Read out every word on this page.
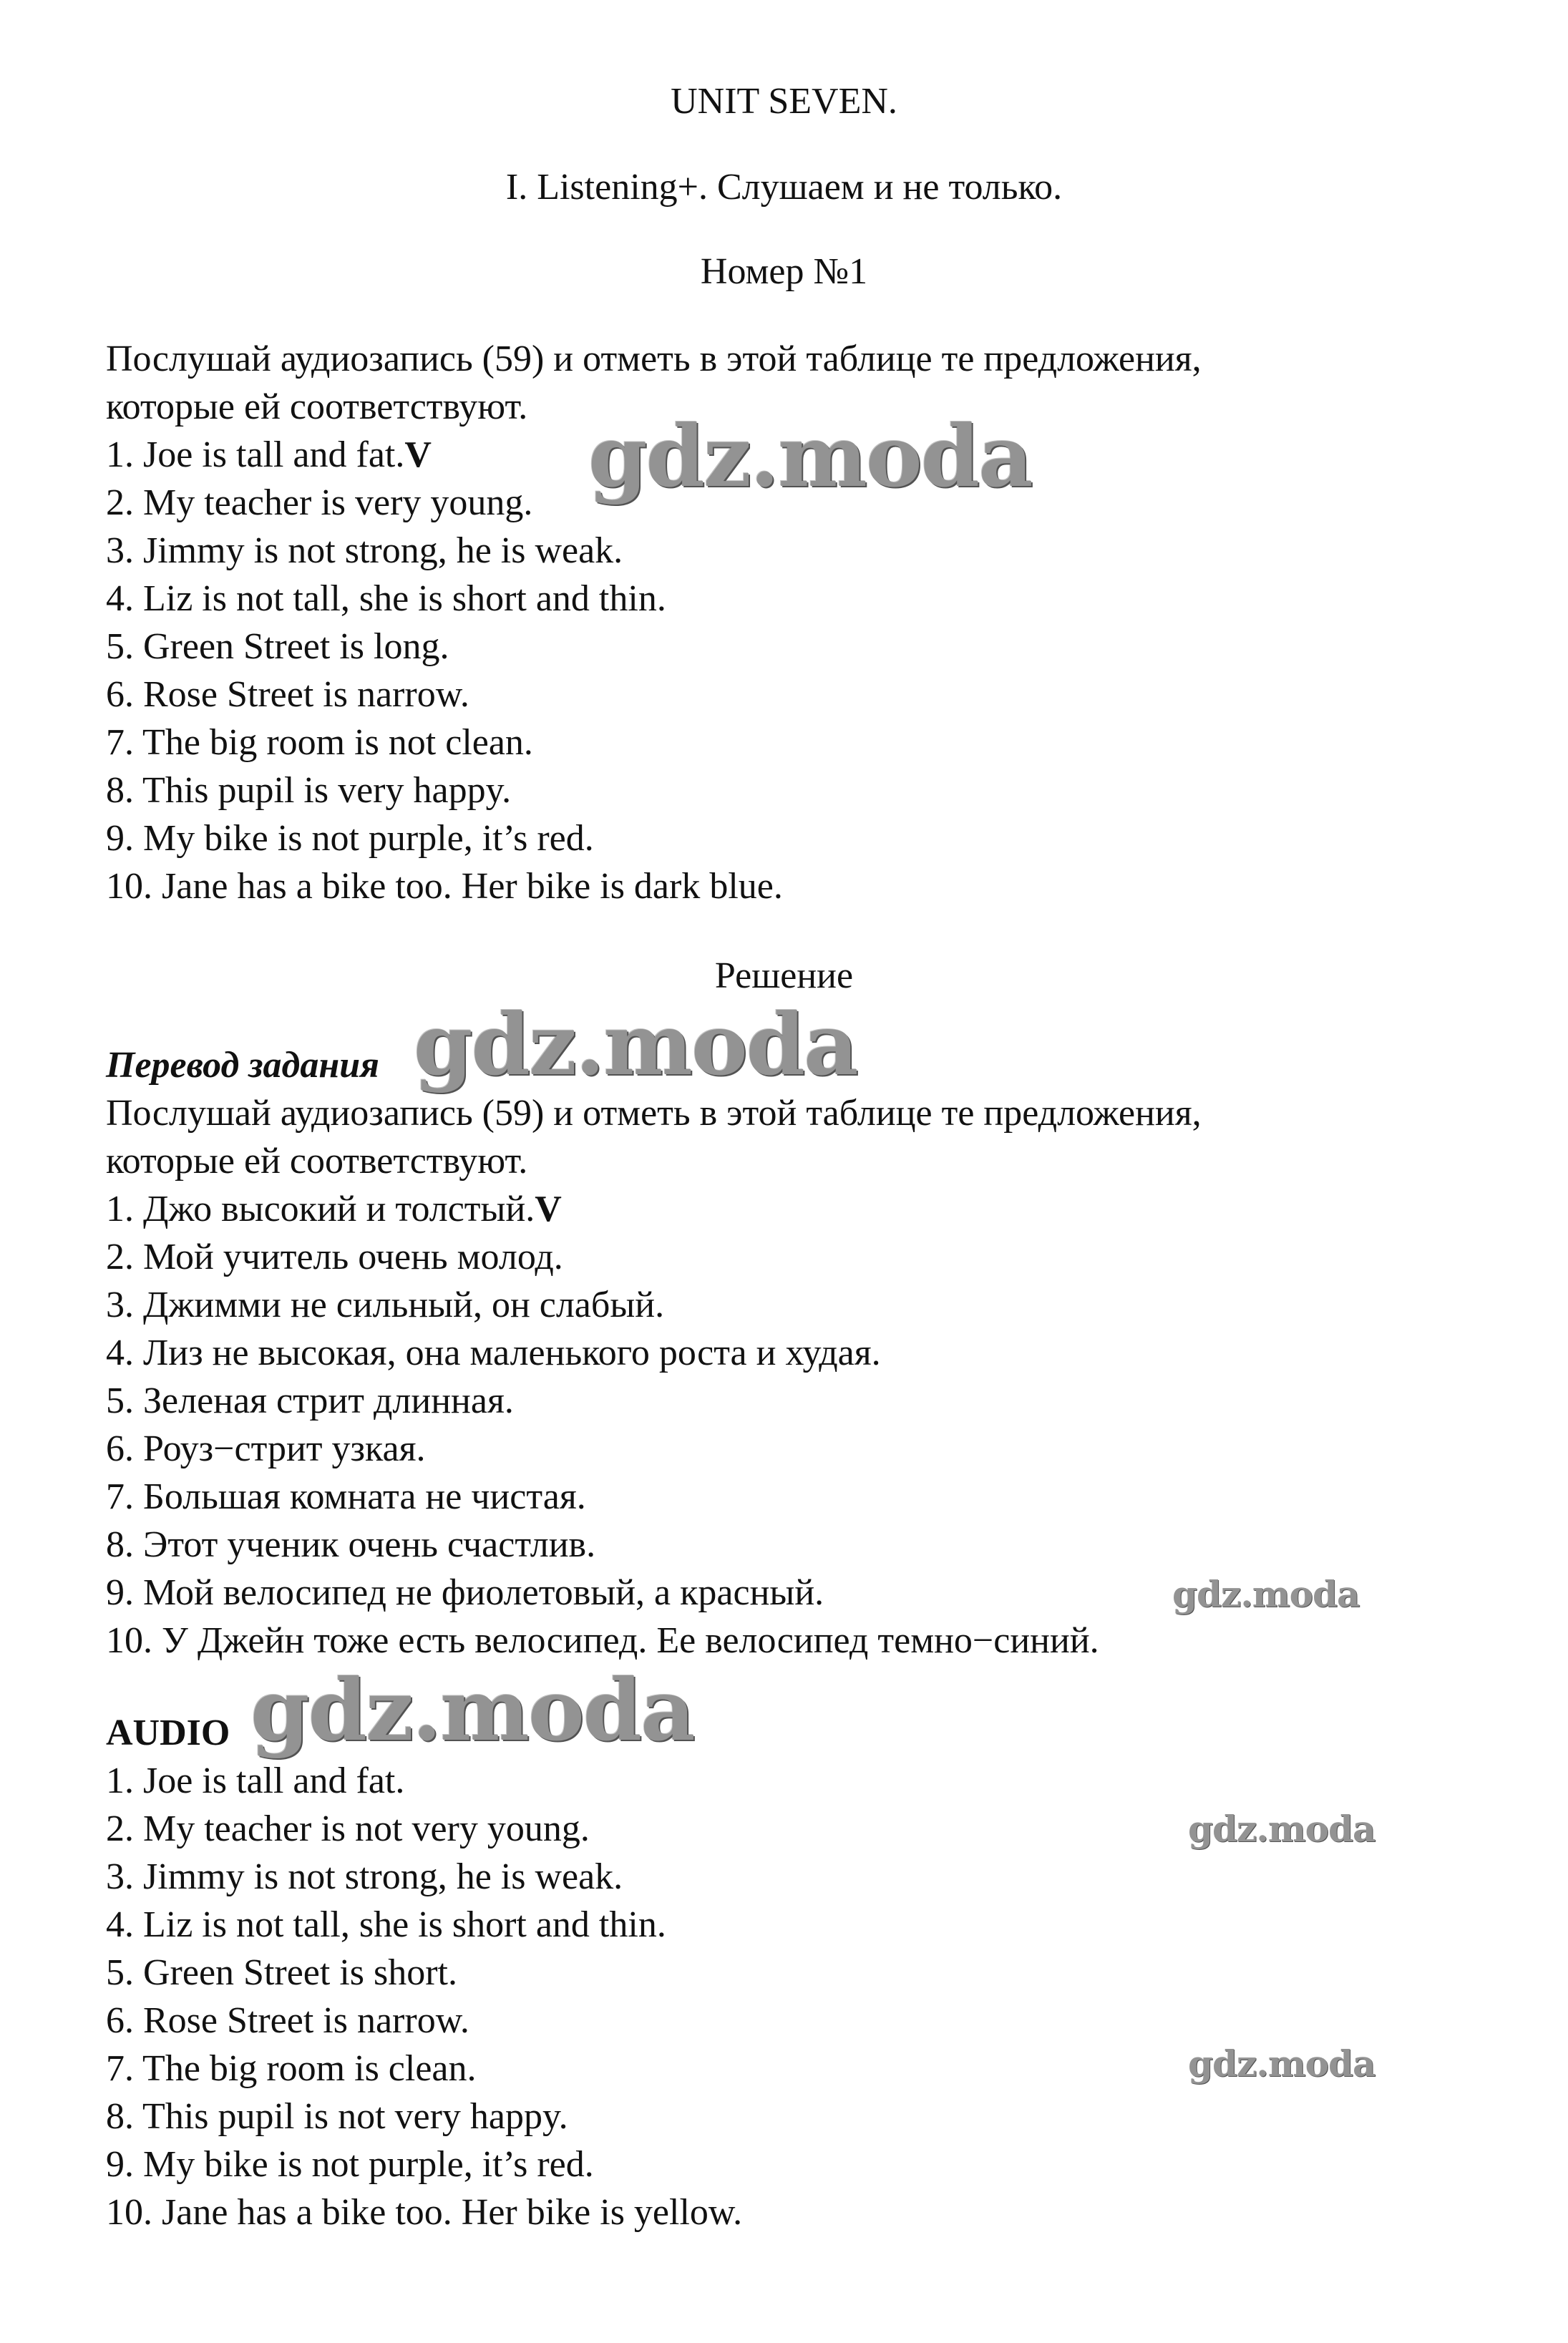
UNIT SEVEN.
I. Listening+. Слушаем и не только.
Номер №1
Послушай аудиозапись (59) и отметь в этой таблице те предложения,
которые ей соответствуют.
1. Joe is tall and fat.V
2. My teacher is very young.
3. Jimmy is not strong, he is weak.
4. Liz is not tall, she is short and thin.
5. Green Street is long.
6. Rose Street is narrow.
7. The big room is not clean.
8. This pupil is very happy.
9. My bike is not purple, it’s red.
10. Jane has a bike too. Her bike is dark blue.
Решение
Перевод задания
Послушай аудиозапись (59) и отметь в этой таблице те предложения,
которые ей соответствуют.
1. Джо высокий и толстый.V
2. Мой учитель очень молод.
3. Джимми не сильный, он слабый.
4. Лиз не высокая, она маленького роста и худая.
5. Зеленая стрит длинная.
6. Роуз−стрит узкая.
7. Большая комната не чистая.
8. Этот ученик очень счастлив.
9. Мой велосипед не фиолетовый, а красный.
10. У Джейн тоже есть велосипед. Ее велосипед темно−синий.
AUDIO
1. Joe is tall and fat.
2. My teacher is not very young.
3. Jimmy is not strong, he is weak.
4. Liz is not tall, she is short and thin.
5. Green Street is short.
6. Rose Street is narrow.
7. The big room is clean.
8. This pupil is not very happy.
9. My bike is not purple, it’s red.
10. Jane has a bike too. Her bike is yellow.
gdz.moda
gdz.moda
gdz.moda
gdz.moda
gdz.moda
gdz.moda
